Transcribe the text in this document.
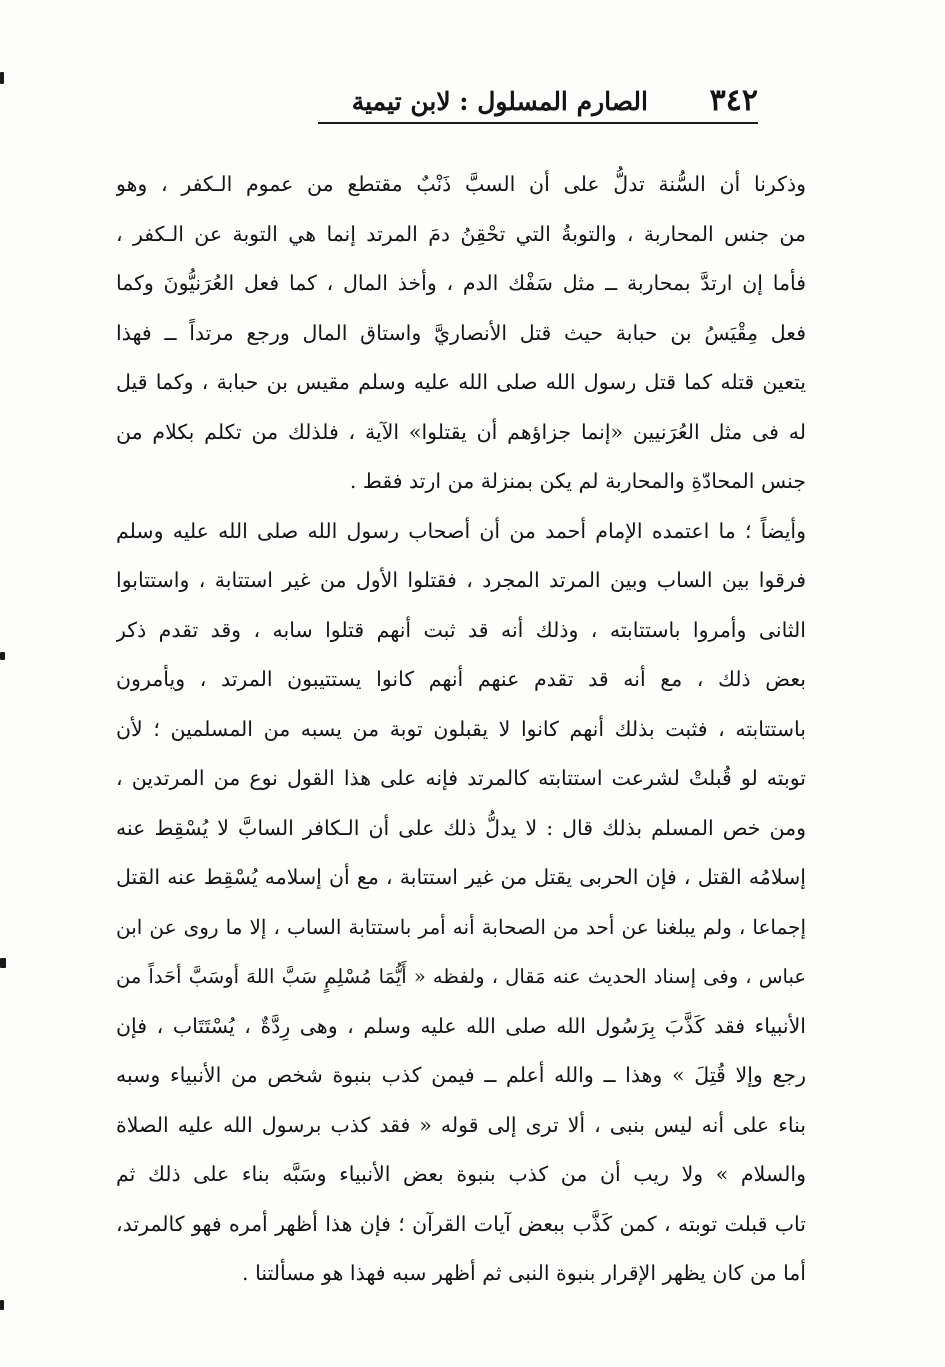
٣٤٢
الصارم المسلول : لابن تيمية
وذكرنا أن السُّنة تدلُّ على أن السبَّ ذَنْبٌ مقتطع من عموم الـكفر ، وهو
من جنس المحاربة ، والتوبةُ التي تحْقِنُ دمَ المرتد إنما هي التوبة عن الـكفر ،
فأما إن ارتدَّ بمحاربة ــ مثل سَفْك الدم ، وأخذ المال ، كما فعل العُرَنيُّونَ وكما
فعل مِقْيَسُ بن حبابة حيث قتل الأنصاريَّ واستاق المال ورجع مرتداً ــ فهذا
يتعين قتله كما قتل رسول الله صلى الله عليه وسلم مقيس بن حبابة ، وكما قيل
له فى مثل العُرَنيين «إنما جزاؤهم أن يقتلوا» الآية ، فلذلك من تكلم بكلام من
جنس المحادّةِ والمحاربة لم يكن بمنزلة من ارتد فقط .
وأيضاً ؛ ما اعتمده الإمام أحمد من أن أصحاب رسول الله صلى الله عليه وسلم
فرقوا بين الساب وبين المرتد المجرد ، فقتلوا الأول من غير استتابة ، واستتابوا
الثانى وأمروا باستتابته ، وذلك أنه قد ثبت أنهم قتلوا سابه ، وقد تقدم ذكر
بعض ذلك ، مع أنه قد تقدم عنهم أنهم كانوا يستتيبون المرتد ، ويأمرون
باستتابته ، فثبت بذلك أنهم كانوا لا يقبلون توبة من يسبه من المسلمين ؛ لأن
توبته لو قُبلتْ لشرعت استتابته كالمرتد فإنه على هذا القول نوع من المرتدين ،
ومن خص المسلم بذلك قال : لا يدلُّ ذلك على أن الـكافر السابَّ لا يُسْقِط عنه
إسلامُه القتل ، فإن الحربى يقتل من غير استتابة ، مع أن إسلامه يُسْقِط عنه القتل
إجماعا ، ولم يبلغنا عن أحد من الصحابة أنه أمر باستتابة الساب ، إلا ما روى عن ابن
عباس ، وفى إسناد الحديث عنه مَقال ، ولفظه « أَيُّمَا مُسْلِمٍ سَبَّ اللهَ أوسَبَّ أحَداً من
الأنبياء فقد كَذَّبَ بِرَسُول الله صلى الله عليه وسلم ، وهى رِدَّةٌ ، يُسْتَتَاب ، فإن
رجع وإلا قُتِلَ » وهذا ــ والله أعلم ــ فيمن كذب بنبوة شخص من الأنبياء وسبه
بناء على أنه ليس بنبى ، ألا ترى إلى قوله « فقد كذب برسول الله عليه الصلاة
والسلام » ولا ريب أن من كذب بنبوة بعض الأنبياء وسَبَّه بناء على ذلك ثم
تاب قبلت توبته ، كمن كَذَّب ببعض آيات القرآن ؛ فإن هذا أظهر أمره فهو كالمرتد،
أما من كان يظهر الإقرار بنبوة النبى ثم أظهر سبه فهذا هو مسألتنا .
